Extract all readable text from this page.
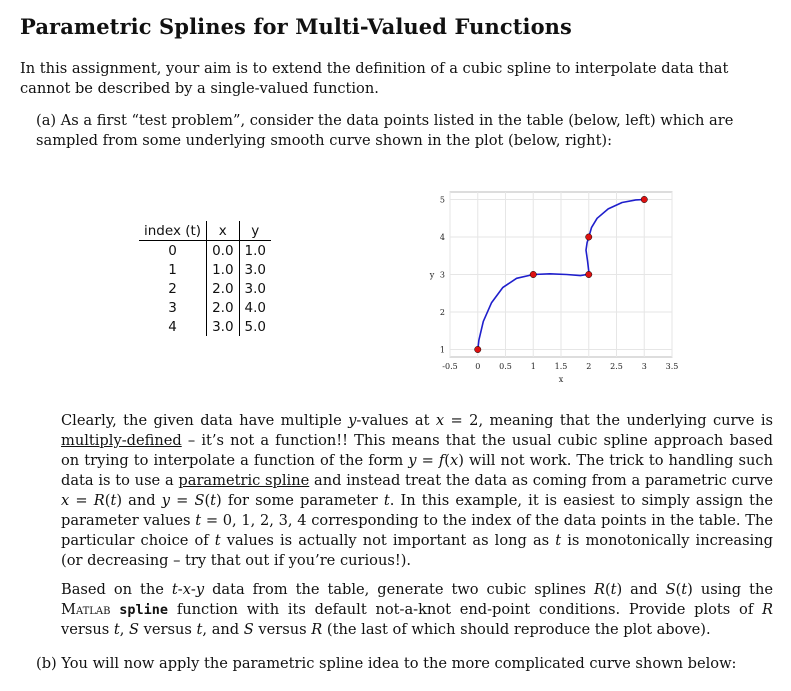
Parametric Splines for Multi-Valued Functions

In this assignment, your aim is to extend the definition of a cubic spline to interpolate data that cannot be described by a single-valued function.

(a) As a first “test problem”, consider the data points listed in the table (below, left) which are sampled from some underlying smooth curve shown in the plot (below, right):

index (t)	x	y
0	0.0	1.0
1	1.0	3.0
2	2.0	3.0
3	2.0	4.0
4	3.0	5.0
-0.5 0 0.5 1 1.5 2 2.5 3 3.5
1
2
3
4
5
x
y

Clearly, the given data have multiple y-values at x = 2, meaning that the underlying curve is multiply-defined – it’s not a function!! This means that the usual cubic spline approach based on trying to interpolate a function of the form y = f(x) will not work. The trick to handling such data is to use a parametric spline and instead treat the data as coming from a parametric curve x = R(t) and y = S(t) for some parameter t. In this example, it is easiest to simply assign the parameter values t = 0, 1, 2, 3, 4 corresponding to the index of the data points in the table. The particular choice of t values is actually not important as long as t is monotonically increasing (or decreasing – try that out if you’re curious!).

Based on the t-x-y data from the table, generate two cubic splines R(t) and S(t) using the Matlab spline function with its default not-a-knot end-point conditions. Provide plots of R versus t, S versus t, and S versus R (the last of which should reproduce the plot above).

(b) You will now apply the parametric spline idea to the more complicated curve shown below:
